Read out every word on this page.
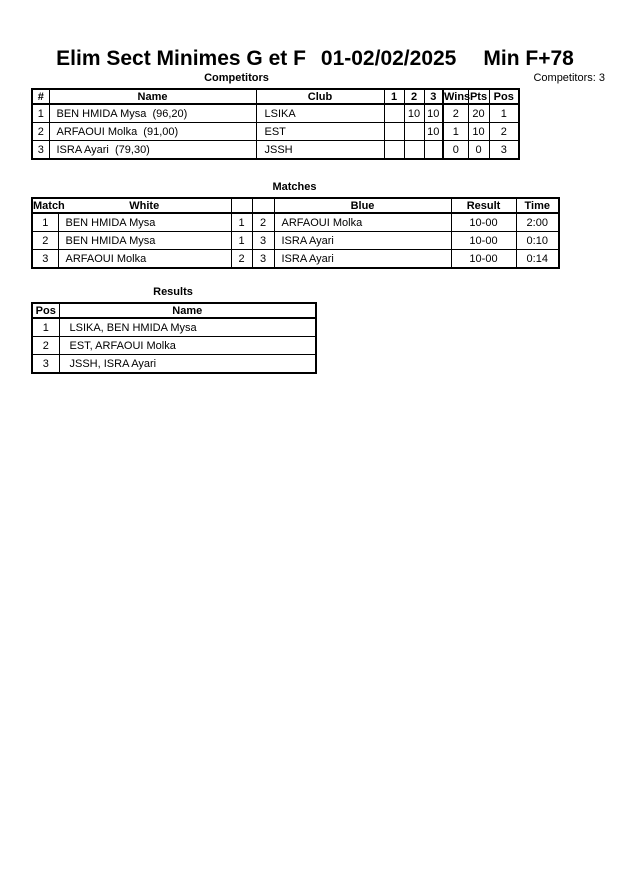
Elim Sect Minimes G et F 01-02/02/2025 Min F+78
Competitors	Competitors: 3
#	Name	Club	1	2	3	Wins	Pts	Pos
1	BEN HMIDA Mysa  (96,20)	LSIKA		10	10	2	20	1
2	ARFAOUI Molka  (91,00)	EST			10	1	10	2
3	ISRA Ayari  (79,30)	JSSH				0	0	3
Matches
Match	White			Blue	Result	Time
1	BEN HMIDA Mysa	1	2	ARFAOUI Molka	10-00	2:00
2	BEN HMIDA Mysa	1	3	ISRA Ayari	10-00	0:10
3	ARFAOUI Molka	2	3	ISRA Ayari	10-00	0:14
Results
Pos	Name
1	LSIKA, BEN HMIDA Mysa
2	EST, ARFAOUI Molka
3	JSSH, ISRA Ayari
